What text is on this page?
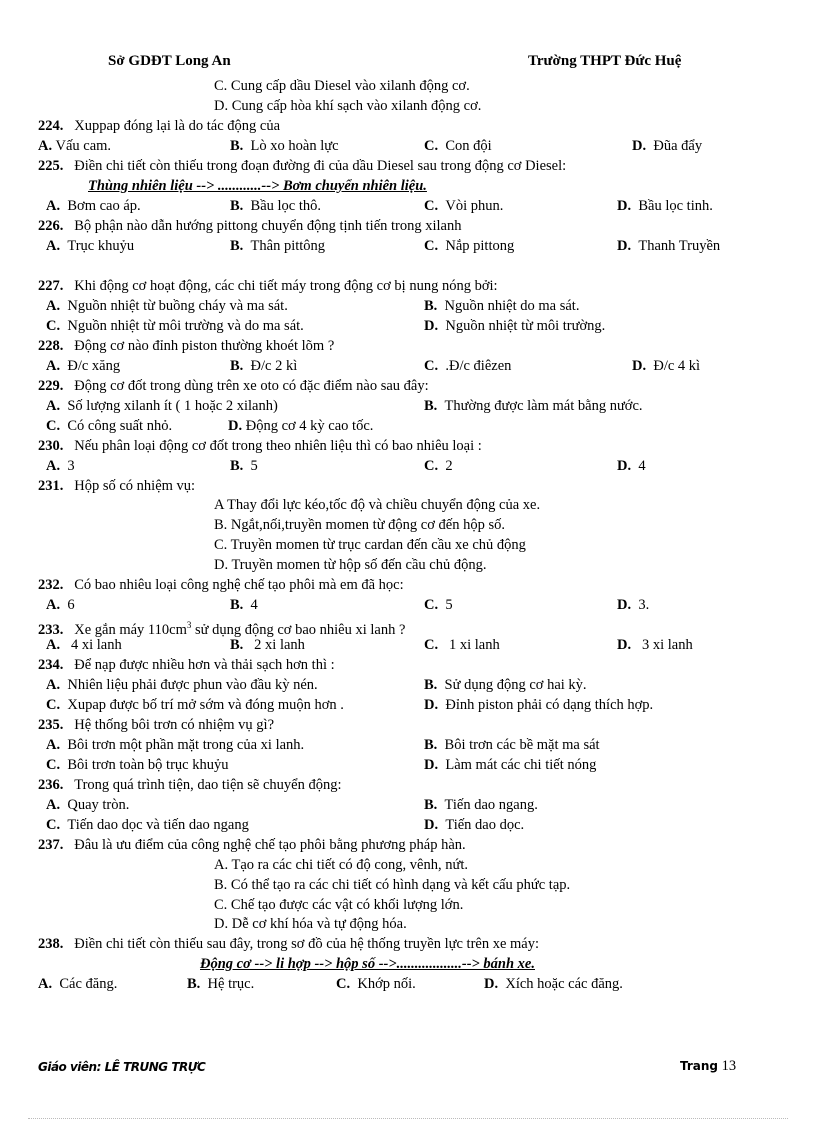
Sở GDĐT Long An	Trường THPT Đức Huệ
C. Cung cấp dầu Diesel vào xilanh động cơ.
D. Cung cấp hòa khí sạch vào xilanh động cơ.
224. Xuppap đóng lại là do tác động của
A. Vấu cam.	B. Lò xo hoàn lực	C. Con đội	D. Đũa đẩy
225. Điền chi tiết còn thiếu trong đoạn đường đi của dầu Diesel sau trong động cơ Diesel:
Thùng nhiên liệu --> ............--> Bơm chuyển nhiên liệu.
A. Bơm cao áp.	B. Bầu lọc thô.	C. Vòi phun.	D. Bầu lọc tinh.
226. Bộ phận nào dẫn hướng pittong chuyển động tịnh tiến trong xilanh
A. Trục khuỷu	B. Thân pittông	C. Nắp pittong	D. Thanh Truyền
227. Khi động cơ hoạt động, các chi tiết máy trong động cơ bị nung nóng bởi:
A. Nguồn nhiệt từ buồng cháy và ma sát.	B. Nguồn nhiệt do ma sát.
C. Nguồn nhiệt từ môi trường và do ma sát.	D. Nguồn nhiệt từ môi trường.
228. Động cơ nào đỉnh piston thường khoét lõm ?
A. Đ/c xăng	B. Đ/c 2 kì	C. .Đ/c điêzen	D. Đ/c 4 kì
229. Động cơ đốt trong dùng trên xe oto có đặc điểm nào sau đây:
A. Số lượng xilanh ít ( 1 hoặc 2 xilanh)	B. Thường được làm mát bằng nước.
C. Có công suất nhỏ.	D. Động cơ 4 kỳ cao tốc.
230. Nếu phân loại động cơ đốt trong theo nhiên liệu thì có bao nhiêu loại :
A. 3	B. 5	C. 2	D. 4
231. Hộp số có nhiệm vụ:
A Thay đổi lực kéo,tốc độ và chiều chuyển động của xe.
B. Ngắt,nối,truyền momen từ động cơ đến hộp số.
C. Truyền momen từ trục cardan đến cầu xe chủ động
D. Truyền momen từ hộp số đến cầu chủ động.
232. Có bao nhiêu loại công nghệ chế tạo phôi mà em đã học:
A. 6	B. 4	C. 5	D. 3.
233. Xe gắn máy $110cm^3$ sử dụng động cơ bao nhiêu xi lanh ?
A.   4 xi lanh	B.   2 xi lanh	C.   1 xi lanh	D.   3 xi lanh
234. Để nạp được nhiều hơn và thải sạch hơn thì :
A. Nhiên liệu phải được phun vào đầu kỳ nén.	B. Sử dụng động cơ hai kỳ.
C. Xupap được bố trí mở sớm và đóng muộn hơn .	D. Đỉnh piston phải có dạng thích hợp.
235. Hệ thống bôi trơn có nhiệm vụ gì?
A. Bôi trơn một phần mặt trong của xi lanh.	B. Bôi trơn các bề mặt ma sát
C. Bôi trơn toàn bộ trục khuỷu	D. Làm mát các chi tiết nóng
236. Trong quá trình tiện, dao tiện sẽ chuyển động:
A. Quay tròn.	B. Tiến dao ngang.
C. Tiến dao dọc và tiến dao ngang	D. Tiến dao dọc.
237. Đâu là ưu điểm của công nghệ chế tạo phôi bằng phương pháp hàn.
A. Tạo ra các chi tiết có độ cong, vênh, nứt.
B. Có thể tạo ra các chi tiết có hình dạng và kết cấu phức tạp.
C. Chế tạo được các vật có khối lượng lớn.
D. Dễ cơ khí hóa và tự động hóa.
238. Điền chi tiết còn thiếu sau đây, trong sơ đồ của hệ thống truyền lực trên xe máy:
Động cơ --> li hợp --> hộp số -->..................--> bánh xe.
A. Các đăng.	B. Hệ trục.	C. Khớp nối.	D. Xích hoặc các đăng.
Giáo viên: LÊ TRUNG TRỰC	Trang 13
